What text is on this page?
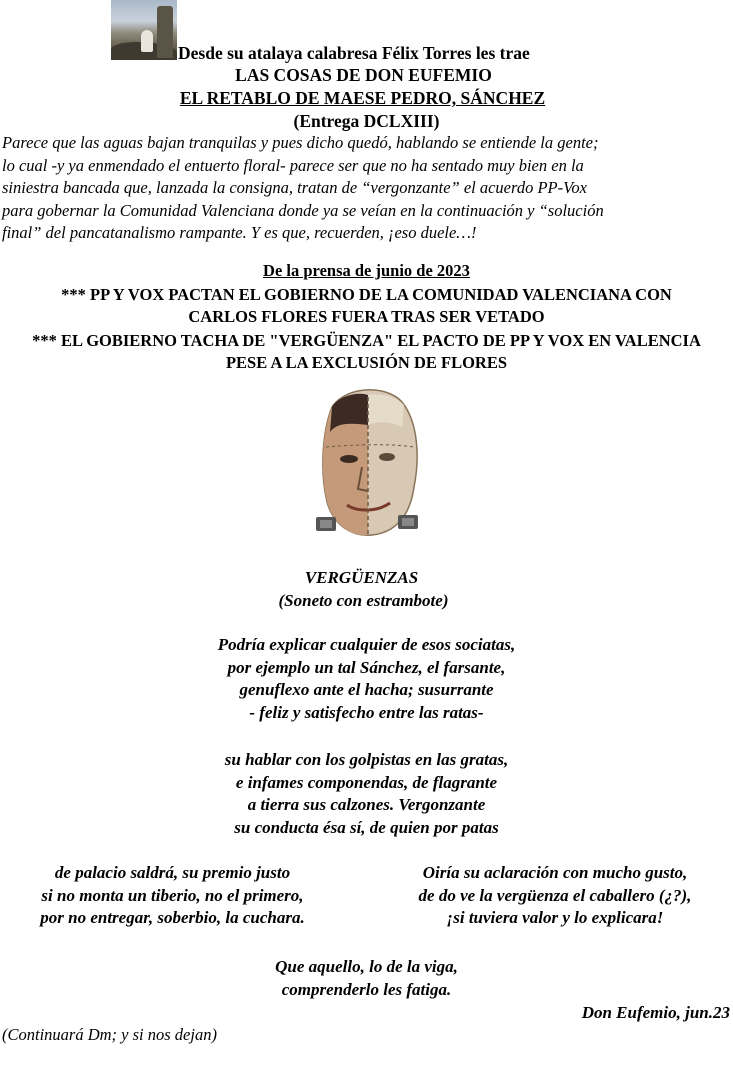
Desde su atalaya calabresa Félix Torres les trae
LAS COSAS DE DON EUFEMIO
EL RETABLO DE MAESE PEDRO, SÁNCHEZ
(Entrega DCLXIII)
Parece que las aguas bajan tranquilas y pues dicho quedó, hablando se entiende la gente;
lo cual -y ya enmendado el entuerto floral- parece ser que no ha sentado muy bien en la
siniestra bancada que, lanzada la consigna, tratan de “vergonzante” el acuerdo PP-Vox
para gobernar la Comunidad Valenciana donde ya se veían en la continuación y “solución
final” del pancatanalismo rampante. Y es que, recuerden, ¡eso duele…!
De la prensa de junio de 2023
*** PP Y VOX PACTAN EL GOBIERNO DE LA COMUNIDAD VALENCIANA CON
CARLOS FLORES FUERA TRAS SER VETADO
*** EL GOBIERNO TACHA DE "VERGÜENZA" EL PACTO DE PP Y VOX EN VALENCIA
PESE A LA EXCLUSIÓN DE FLORES
VERGÜENZAS
(Soneto con estrambote)
Podría explicar cualquier de esos sociatas,
por ejemplo un tal Sánchez, el farsante,
genuflexo ante el hacha; susurrante
- feliz y satisfecho entre las ratas-
su hablar con los golpistas en las gratas,
e infames componendas, de flagrante
a tierra sus calzones. Vergonzante
su conducta ésa sí, de quien por patas
de palacio saldrá, su premio justo
si no monta un tiberio, no el primero,
por no entregar, soberbio, la cuchara.
Oiría su aclaración con mucho gusto,
de do ve la vergüenza el caballero (¿?),
¡si tuviera valor y lo explicara!
Que aquello, lo de la viga,
comprenderlo les fatiga.
Don Eufemio, jun.23
(Continuará Dm; y si nos dejan)
